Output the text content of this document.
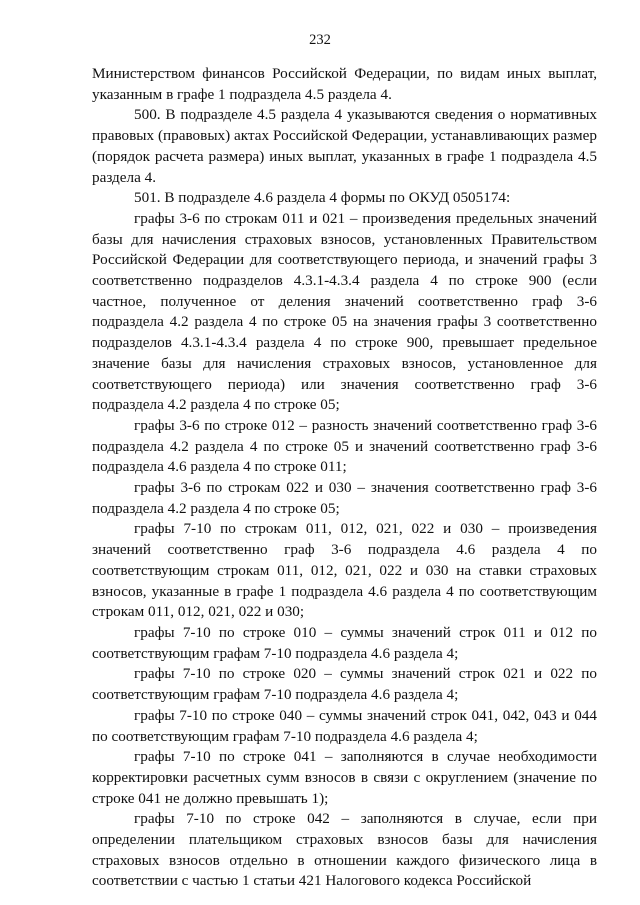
232

Министерством финансов Российской Федерации, по видам иных выплат, указанным в графе 1 подраздела 4.5 раздела 4.

500. В подразделе 4.5 раздела 4 указываются сведения о нормативных правовых (правовых) актах Российской Федерации, устанавливающих размер (порядок расчета размера) иных выплат, указанных в графе 1 подраздела 4.5 раздела 4.

501. В подразделе 4.6 раздела 4 формы по ОКУД 0505174:

графы 3-6 по строкам 011 и 021 – произведения предельных значений базы для начисления страховых взносов, установленных Правительством Российской Федерации для соответствующего периода, и значений графы 3 соответственно подразделов 4.3.1-4.3.4 раздела 4 по строке 900 (если частное, полученное от деления значений соответственно граф 3-6 подраздела 4.2 раздела 4 по строке 05 на значения графы 3 соответственно подразделов 4.3.1-4.3.4 раздела 4 по строке 900, превышает предельное значение базы для начисления страховых взносов, установленное для соответствующего периода) или значения соответственно граф 3-6 подраздела 4.2 раздела 4 по строке 05;

графы 3-6 по строке 012 – разность значений соответственно граф 3-6 подраздела 4.2 раздела 4 по строке 05 и значений соответственно граф 3-6 подраздела 4.6 раздела 4 по строке 011;

графы 3-6 по строкам 022 и 030 – значения соответственно граф 3-6 подраздела 4.2 раздела 4 по строке 05;

графы 7-10 по строкам 011, 012, 021, 022 и 030 – произведения значений соответственно граф 3-6 подраздела 4.6 раздела 4 по соответствующим строкам 011, 012, 021, 022 и 030 на ставки страховых взносов, указанные в графе 1 подраздела 4.6 раздела 4 по соответствующим строкам 011, 012, 021, 022 и 030;

графы 7-10 по строке 010 – суммы значений строк 011 и 012 по соответствующим графам 7-10 подраздела 4.6 раздела 4;

графы 7-10 по строке 020 – суммы значений строк 021 и 022 по соответствующим графам 7-10 подраздела 4.6 раздела 4;

графы 7-10 по строке 040 – суммы значений строк 041, 042, 043 и 044 по соответствующим графам 7-10 подраздела 4.6 раздела 4;

графы 7-10 по строке 041 – заполняются в случае необходимости корректировки расчетных сумм взносов в связи с округлением (значение по строке 041 не должно превышать 1);

графы 7-10 по строке 042 – заполняются в случае, если при определении плательщиком страховых взносов базы для начисления страховых взносов отдельно в отношении каждого физического лица в соответствии с частью 1 статьи 421 Налогового кодекса Российской
